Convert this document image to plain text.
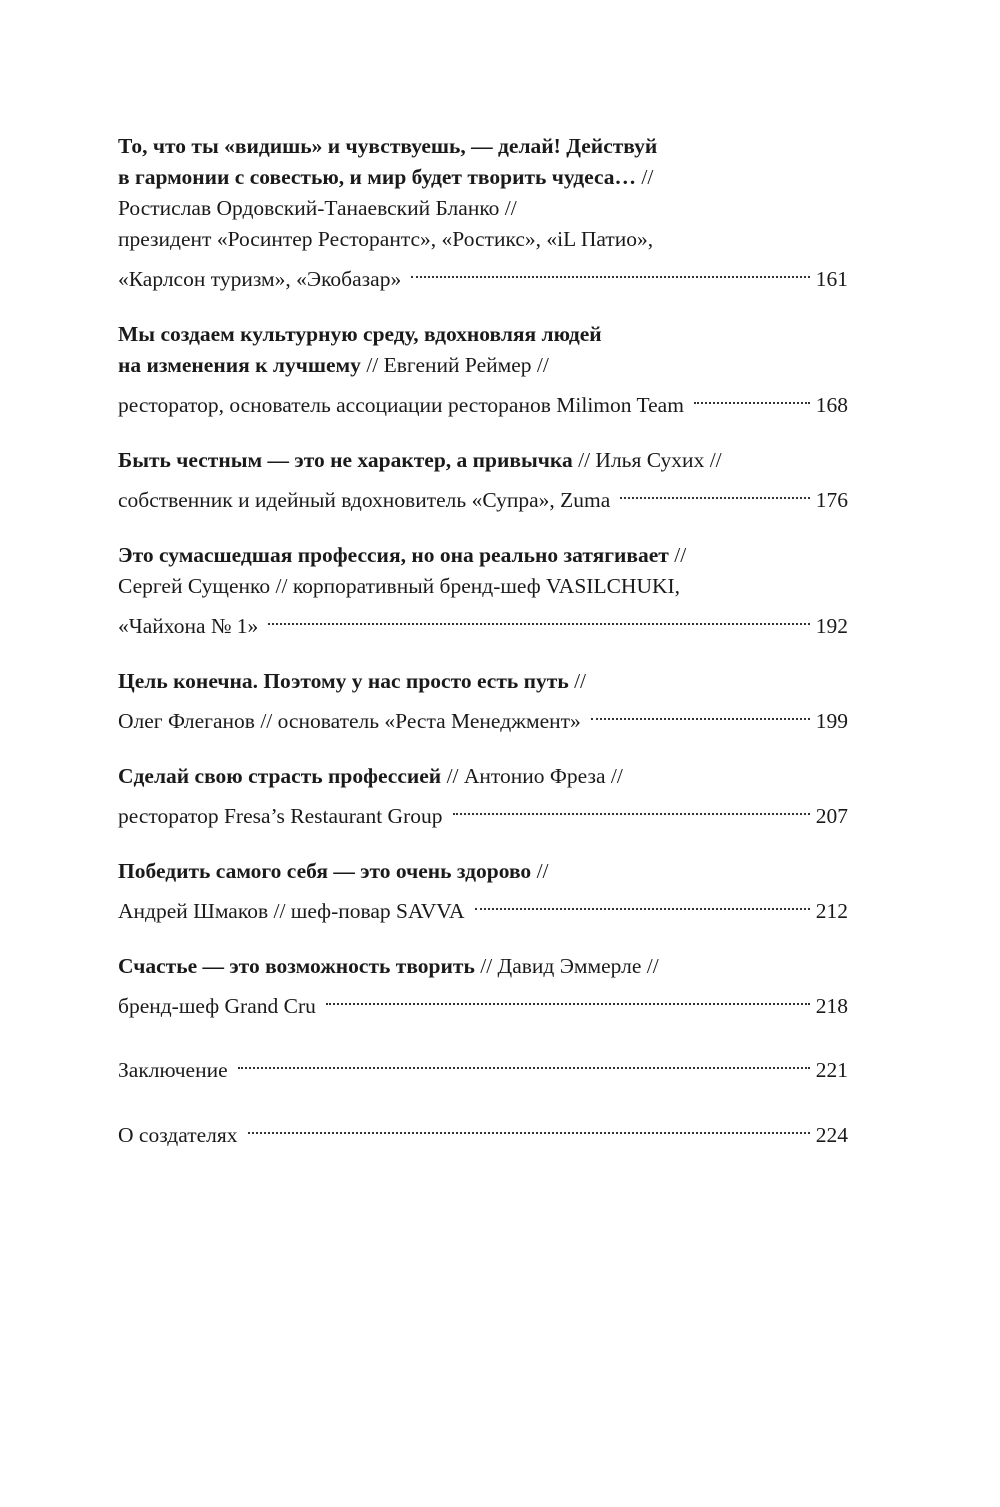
То, что ты «видишь» и чувствуешь, — делай! Действуй
в гармонии с совестью, и мир будет творить чудеса… //
Ростислав Ордовский-Танаевский Бланко //
президент «Росинтер Ресторантс», «Ростикс», «iL Патио»,
«Карлсон туризм», «Экобазар»	161
Мы создаем культурную среду, вдохновляя людей
на изменения к лучшему // Евгений Реймер //
ресторатор, основатель ассоциации ресторанов Milimon Team	168
Быть честным — это не характер, а привычка // Илья Сухих //
собственник и идейный вдохновитель «Супра», Zuma	176
Это сумасшедшая профессия, но она реально затягивает //
Сергей Сущенко // корпоративный бренд-шеф VASILCHUKI,
«Чайхона № 1»	192
Цель конечна. Поэтому у нас просто есть путь //
Олег Флеганов // основатель «Реста Менеджмент»	199
Сделай свою страсть профессией // Антонио Фреза //
ресторатор Fresa’s Restaurant Group	207
Победить самого себя — это очень здорово //
Андрей Шмаков // шеф-повар SAVVA	212
Счастье — это возможность творить // Давид Эммерле //
бренд-шеф Grand Cru	218
Заключение	221
О создателях	224
